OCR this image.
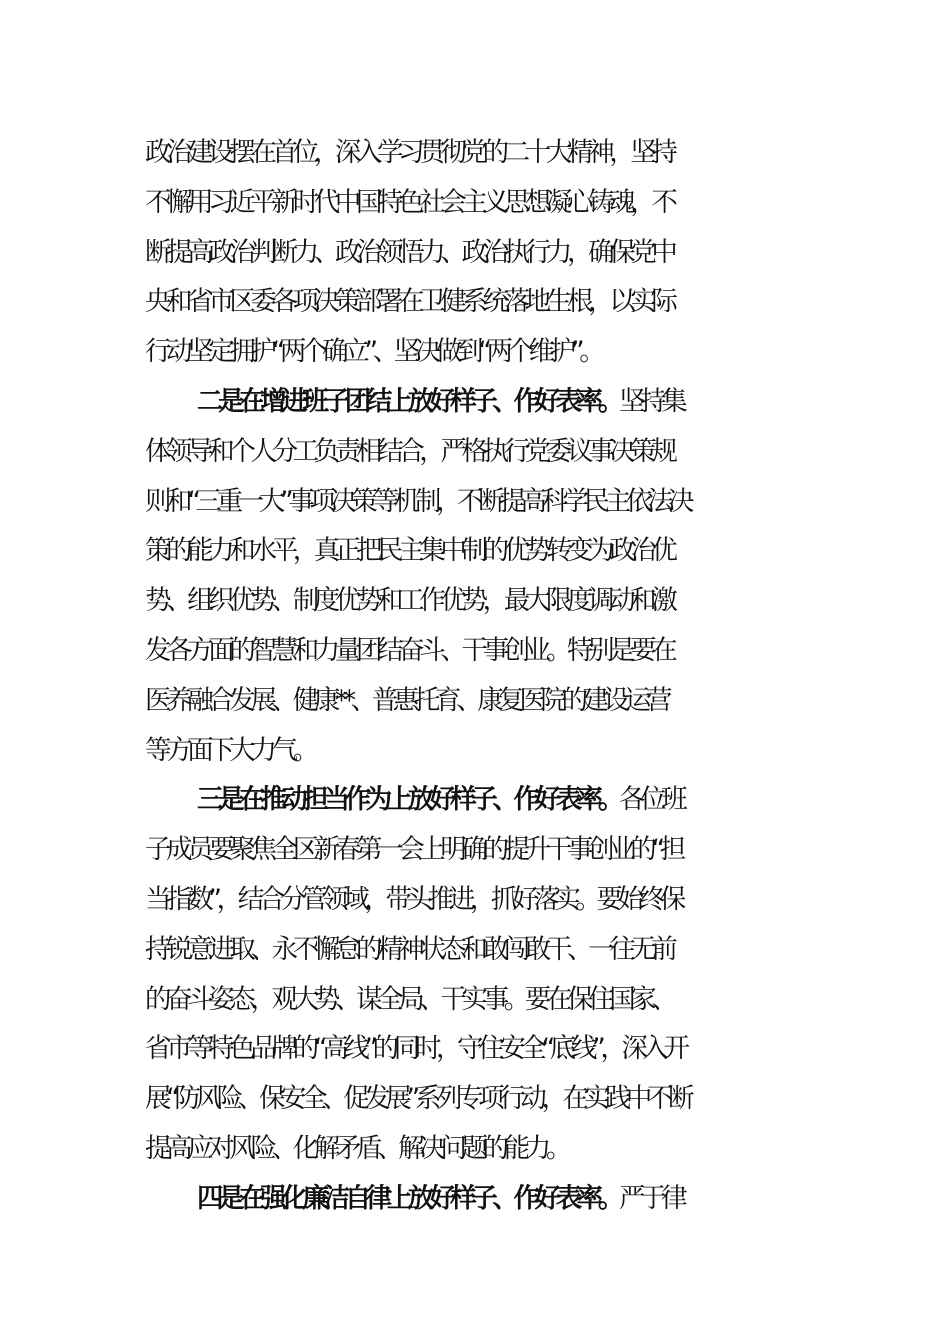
政治建设摆在首位，深入学习贯彻党的二十大精神，坚持
不懈用习近平新时代中国特色社会主义思想凝心铸魂，不
断提高政治判断力、政治领悟力、政治执行力，确保党中
央和省市区委各项决策部署在卫健系统落地生根，以实际
行动坚定拥护“两个确立”、坚决做到“两个维护”。
二是在增进班子团结上放好样子、作好表率。坚持集
体领导和个人分工负责相结合，严格执行党委议事决策规
则和“三重一大”事项决策等机制，不断提高科学民主依法决
策的能力和水平，真正把民主集中制的优势转变为政治优
势、组织优势、制度优势和工作优势，最大限度调动和激
发各方面的智慧和力量团结奋斗、干事创业。特别是要在
医养融合发展、健康**、普惠托育、康复医院的建设运营
等方面下大力气。
三是在推动担当作为上放好样子、作好表率。各位班
子成员要聚焦全区新春第一会上明确的提升干事创业的“担
当指数”，结合分管领域，带头推进，抓好落实。要始终保
持锐意进取、永不懈怠的精神状态和敢闯敢干、一往无前
的奋斗姿态，观大势、谋全局、干实事。要在保住国家、
省市等特色品牌的“高线”的同时，守住安全“底线”，深入开
展“防风险、保安全、促发展”系列专项行动，在实践中不断
提高应对风险、化解矛盾、解决问题的能力。
四是在强化廉洁自律上放好样子、作好表率。严于律
